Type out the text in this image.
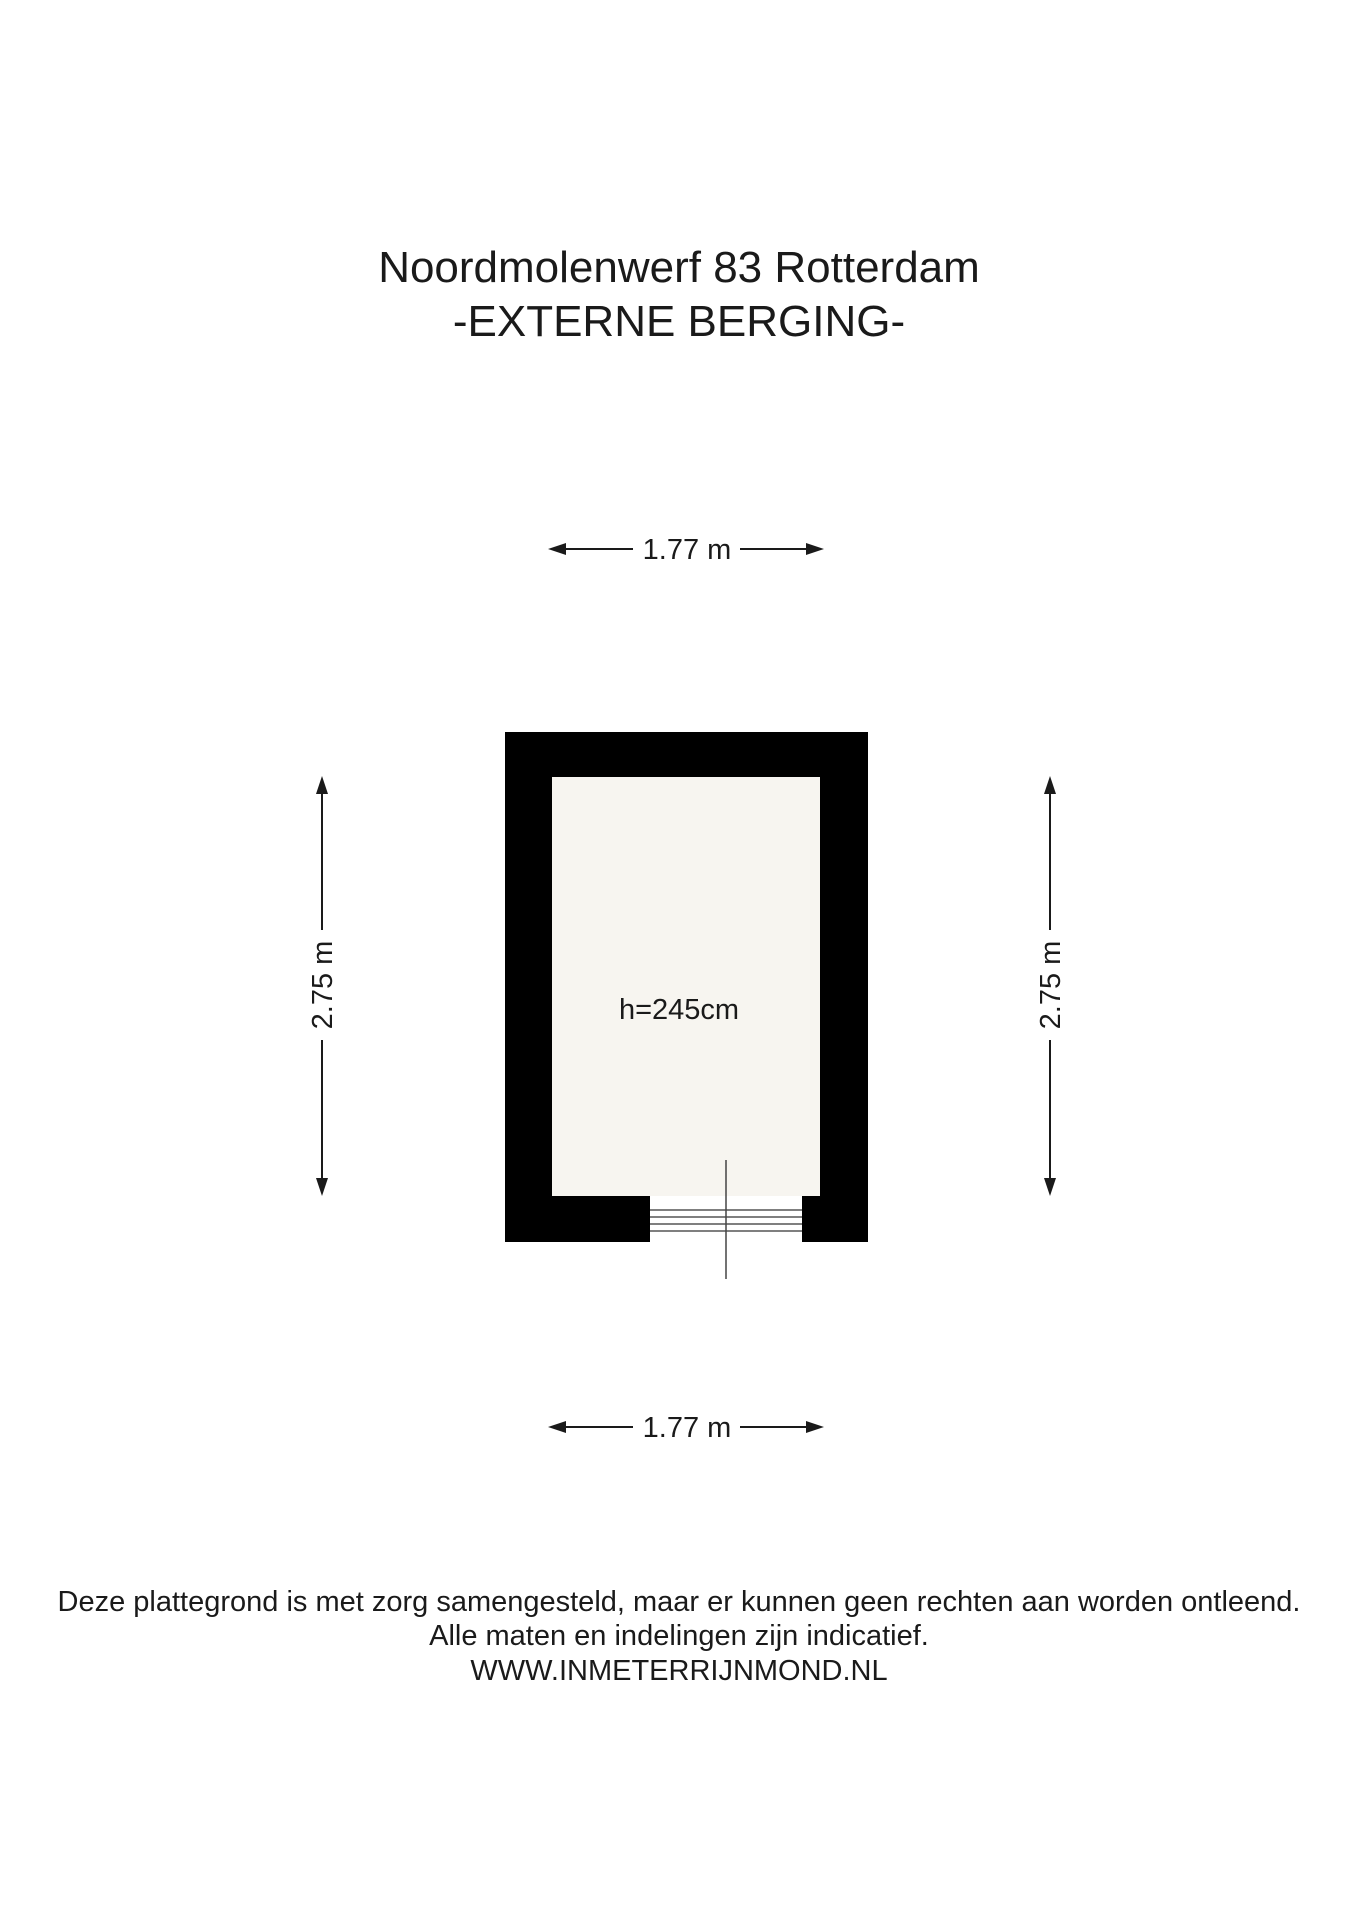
Noordmolenwerf 83 Rotterdam
-EXTERNE BERGING-
1.77 m
1.77 m
2.75 m	2.75 m
h=245cm
Deze plattegrond is met zorg samengesteld, maar er kunnen geen rechten aan worden ontleend.
Alle maten en indelingen zijn indicatief.
WWW.INMETERRIJNMOND.NL
